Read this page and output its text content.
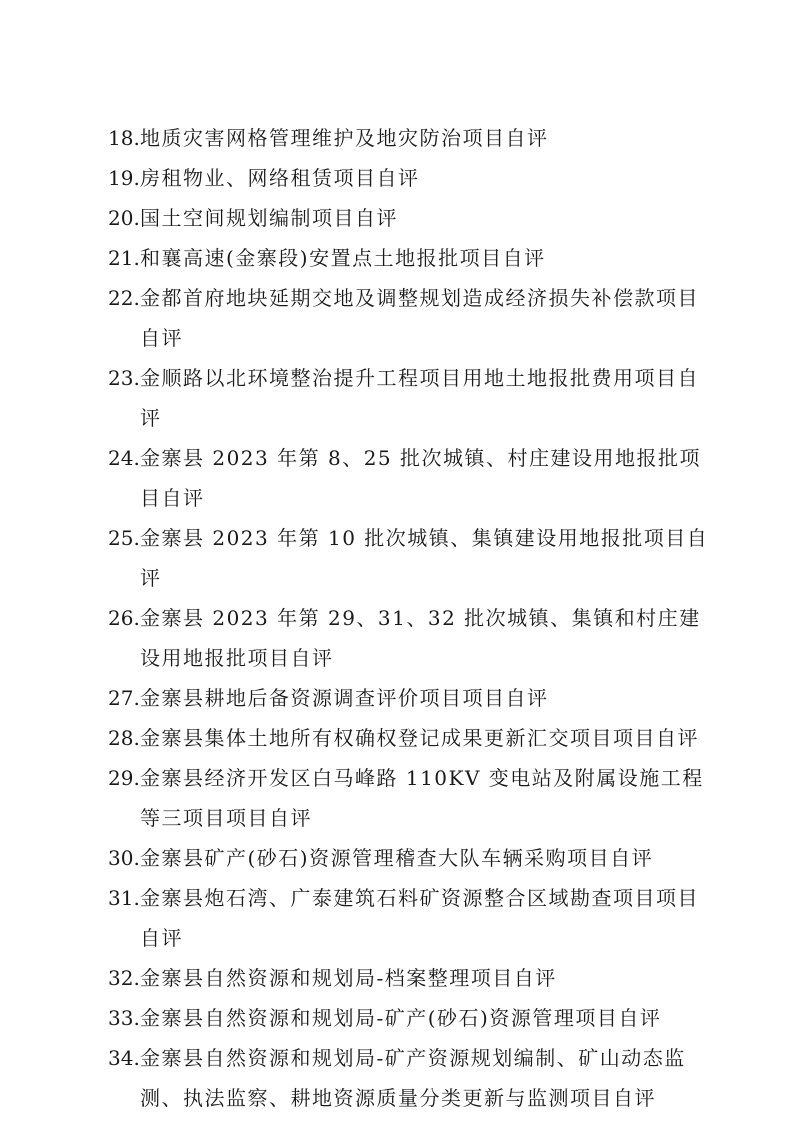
18. 地质灾害网格管理维护及地灾防治项目自评
19. 房租物业、网络租赁项目自评
20. 国土空间规划编制项目自评
21. 和襄高速(金寨段)安置点土地报批项目自评
22. 金都首府地块延期交地及调整规划造成经济损失补偿款项目自评
23. 金顺路以北环境整治提升工程项目用地土地报批费用项目自评
24. 金寨县 2023 年第 8、25 批次城镇、村庄建设用地报批项目自评
25. 金寨县 2023 年第 10 批次城镇、集镇建设用地报批项目自评
26. 金寨县 2023 年第 29、31、32 批次城镇、集镇和村庄建设用地报批项目自评
27. 金寨县耕地后备资源调查评价项目项目自评
28. 金寨县集体土地所有权确权登记成果更新汇交项目项目自评
29. 金寨县经济开发区白马峰路 110KV 变电站及附属设施工程等三项目项目自评
30. 金寨县矿产(砂石)资源管理稽查大队车辆采购项目自评
31. 金寨县炮石湾、广泰建筑石料矿资源整合区域勘查项目项目自评
32. 金寨县自然资源和规划局-档案整理项目自评
33. 金寨县自然资源和规划局-矿产(砂石)资源管理项目自评
34. 金寨县自然资源和规划局-矿产资源规划编制、矿山动态监测、执法监察、耕地资源质量分类更新与监测项目自评
